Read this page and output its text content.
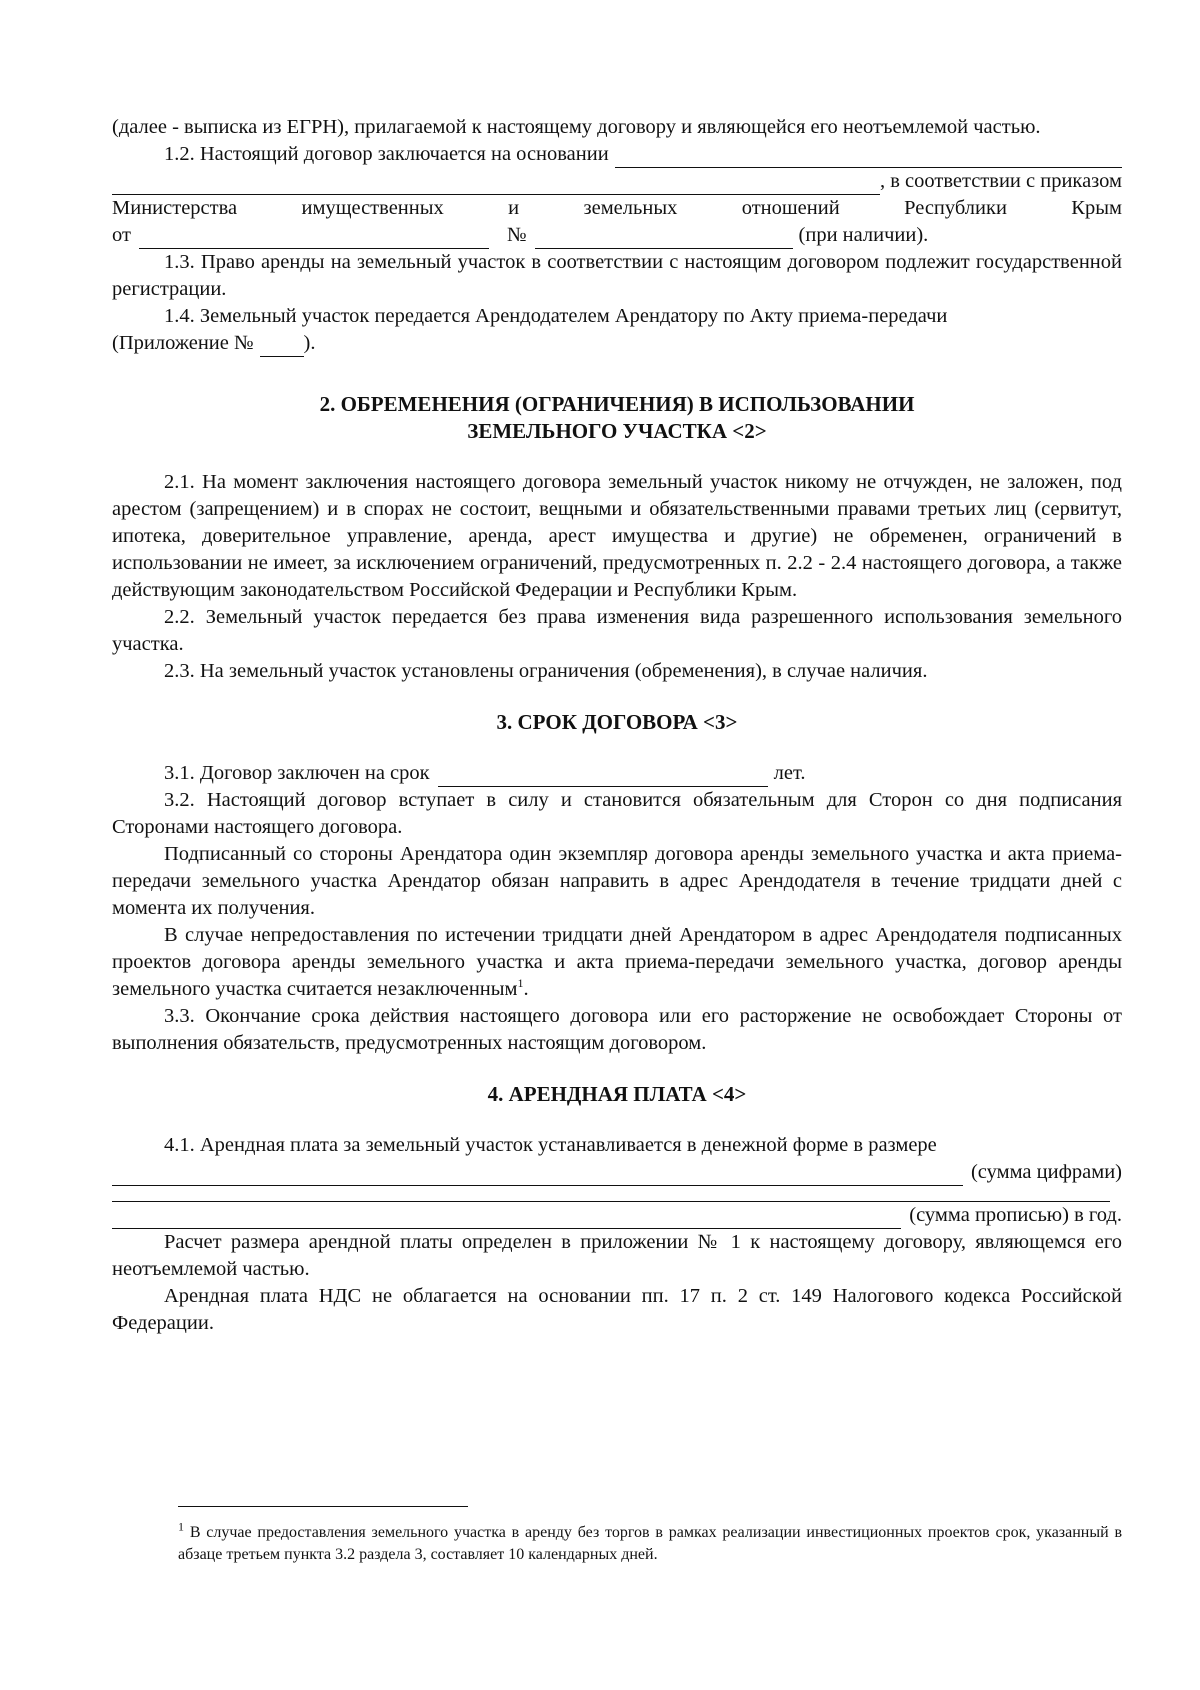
(далее - выписка из ЕГРН), прилагаемой к настоящему договору и являющейся его неотъемлемой частью.

1.2. Настоящий договор заключается на основании
, в соответствии с приказом
Министерства	имущественных	и	земельных	отношений	Республики	Крым
от	№	(при наличии).

1.3. Право аренды на земельный участок в соответствии с настоящим договором подлежит государственной регистрации.

1.4. Земельный участок передается Арендодателем Арендатору по Акту приема-передачи

(Приложение № ).
2. ОБРЕМЕНЕНИЯ (ОГРАНИЧЕНИЯ) В ИСПОЛЬЗОВАНИИ
ЗЕМЕЛЬНОГО УЧАСТКА <2>

2.1. На момент заключения настоящего договора земельный участок никому не отчужден, не заложен, под арестом (запрещением) и в спорах не состоит, вещными и обязательственными правами третьих лиц (сервитут, ипотека, доверительное управление, аренда, арест имущества и другие) не обременен, ограничений в использовании не имеет, за исключением ограничений, предусмотренных п. 2.2 - 2.4 настоящего договора, а также действующим законодательством Российской Федерации и Республики Крым.

2.2. Земельный участок передается без права изменения вида разрешенного использования земельного участка.

2.3. На земельный участок установлены ограничения (обременения), в случае наличия.

3. СРОК ДОГОВОРА <3>
3.1. Договор заключен на срок	лет.

3.2. Настоящий договор вступает в силу и становится обязательным для Сторон со дня подписания Сторонами настоящего договора.

Подписанный со стороны Арендатора один экземпляр договора аренды земельного участка и акта приема-передачи земельного участка Арендатор обязан направить в адрес Арендодателя в течение тридцати дней с момента их получения.

В случае непредоставления по истечении тридцати дней Арендатором в адрес Арендодателя подписанных проектов договора аренды земельного участка и акта приема-передачи земельного участка, договор аренды земельного участка считается незаключенным$^1$.

3.3. Окончание срока действия настоящего договора или его расторжение не освобождает Стороны от выполнения обязательств, предусмотренных настоящим договором.

4. АРЕНДНАЯ ПЛАТА <4>

4.1. Арендная плата за земельный участок устанавливается в денежной форме в размере

(сумма цифрами)
(сумма прописью) в год.

Расчет размера арендной платы определен в приложении № 1 к настоящему договору, являющемся его неотъемлемой частью.

Арендная плата НДС не облагается на основании пп. 17 п. 2 ст. 149 Налогового кодекса Российской Федерации.

$^1$ В случае предоставления земельного участка в аренду без торгов в рамках реализации инвестиционных проектов срок, указанный в абзаце третьем пункта 3.2 раздела 3, составляет 10 календарных дней.
